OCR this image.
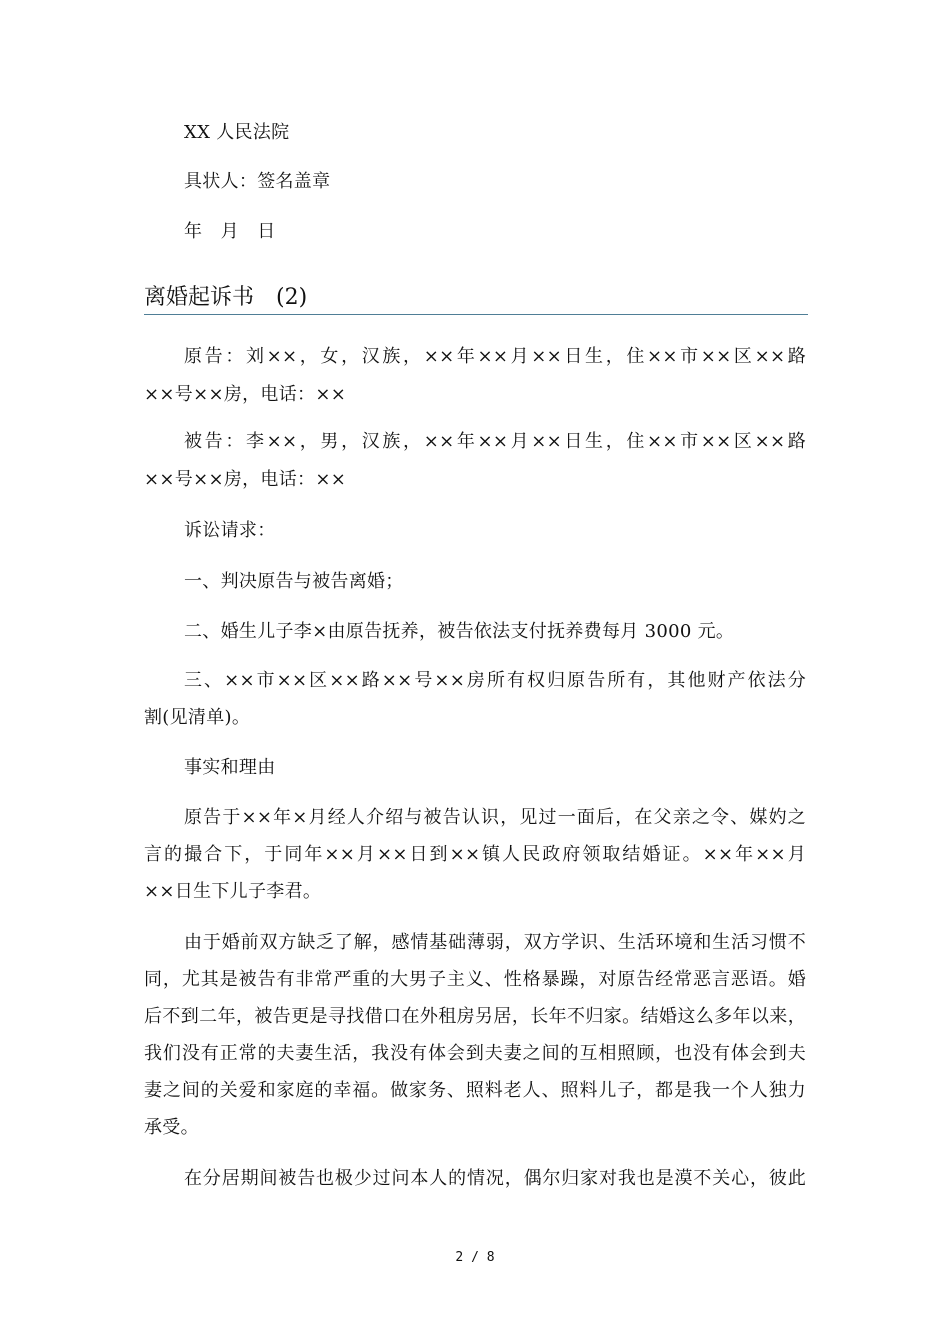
XX 人民法院
具状人：签名盖章
年　月　日
离婚起诉书　(2)
原告：刘××，女，汉族，××年××月××日生，住××市××区××路
××号××房，电话：××
被告：李××，男，汉族，××年××月××日生，住××市××区××路
××号××房，电话：××
诉讼请求：
一、判决原告与被告离婚；
二、婚生儿子李×由原告抚养，被告依法支付抚养费每月 3000 元。
三、××市××区××路××号××房所有权归原告所有，其他财产依法分
割(见清单)。
事实和理由
原告于××年×月经人介绍与被告认识，见过一面后，在父亲之令、媒妁之
言的撮合下，于同年××月××日到××镇人民政府领取结婚证。××年××月
××日生下儿子李君。
由于婚前双方缺乏了解，感情基础薄弱，双方学识、生活环境和生活习惯不
同，尤其是被告有非常严重的大男子主义、性格暴躁，对原告经常恶言恶语。婚
后不到二年，被告更是寻找借口在外租房另居，长年不归家。结婚这么多年以来，
我们没有正常的夫妻生活，我没有体会到夫妻之间的互相照顾，也没有体会到夫
妻之间的关爱和家庭的幸福。做家务、照料老人、照料儿子，都是我一个人独力
承受。
在分居期间被告也极少过问本人的情况，偶尔归家对我也是漠不关心，彼此
2 / 8
